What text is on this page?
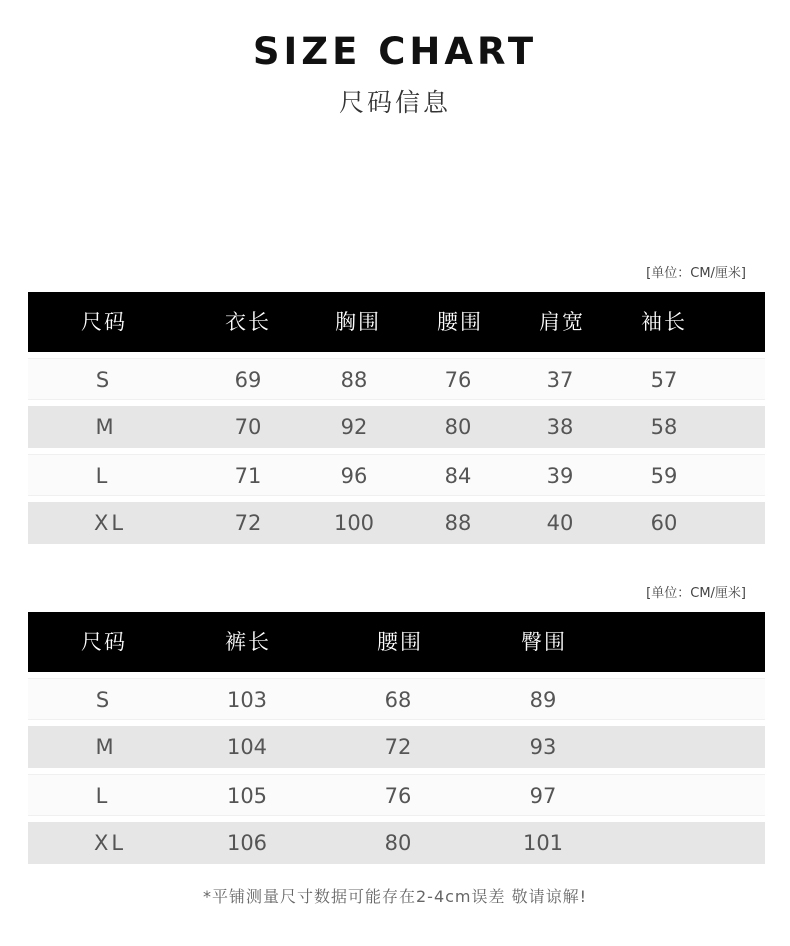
SIZE CHART
尺码信息
[单位：CM/厘米]
尺码	衣长	胸围	腰围	肩宽	袖长
S	69	88	76	37	57
M	70	92	80	38	58
L	71	96	84	39	59
XL	72	100	88	40	60
[单位：CM/厘米]
尺码	裤长	腰围	臀围
S	103	68	89
M	104	72	93
L	105	76	97
XL	106	80	101
*平铺测量尺寸数据可能存在2-4cm误差 敬请谅解!
